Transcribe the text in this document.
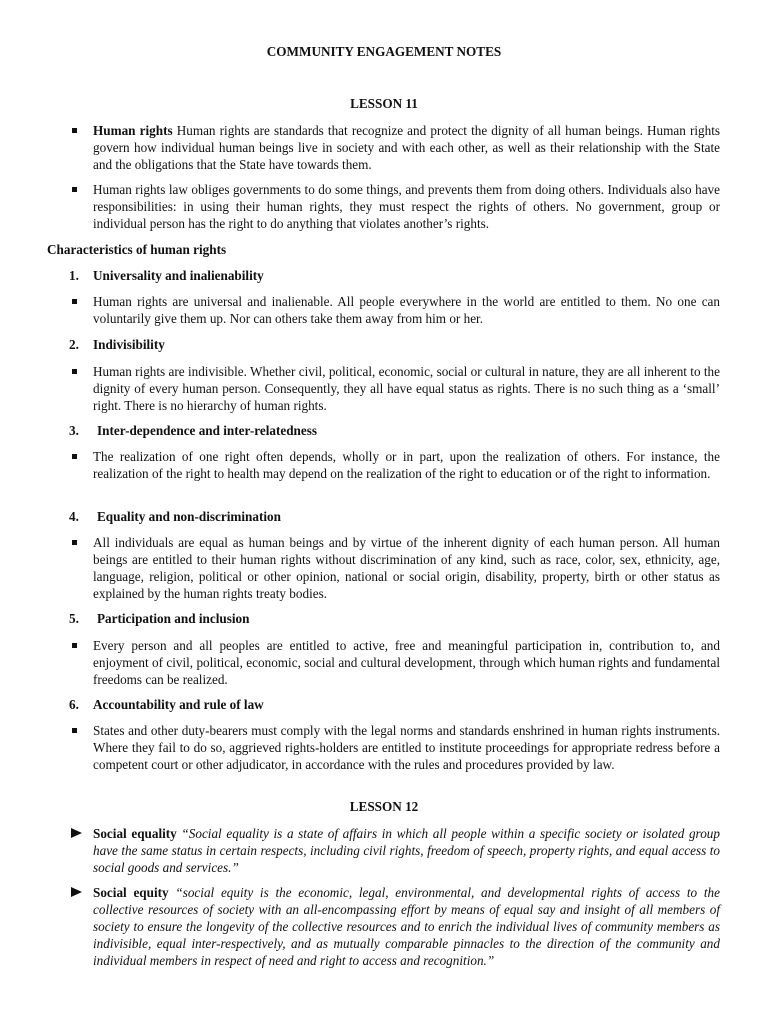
COMMUNITY ENGAGEMENT NOTES
LESSON 11
Human rights Human rights are standards that recognize and protect the dignity of all human beings. Human rights govern how individual human beings live in society and with each other, as well as their relationship with the State and the obligations that the State have towards them.
Human rights law obliges governments to do some things, and prevents them from doing others. Individuals also have responsibilities: in using their human rights, they must respect the rights of others. No government, group or individual person has the right to do anything that violates another’s rights.
Characteristics of human rights
1. Universality and inalienability
Human rights are universal and inalienable. All people everywhere in the world are entitled to them. No one can voluntarily give them up. Nor can others take them away from him or her.
2. Indivisibility
Human rights are indivisible. Whether civil, political, economic, social or cultural in nature, they are all inherent to the dignity of every human person. Consequently, they all have equal status as rights. There is no such thing as a ‘small’ right. There is no hierarchy of human rights.
3. Inter-dependence and inter-relatedness
The realization of one right often depends, wholly or in part, upon the realization of others. For instance, the realization of the right to health may depend on the realization of the right to education or of the right to information.
4. Equality and non-discrimination
All individuals are equal as human beings and by virtue of the inherent dignity of each human person. All human beings are entitled to their human rights without discrimination of any kind, such as race, color, sex, ethnicity, age, language, religion, political or other opinion, national or social origin, disability, property, birth or other status as explained by the human rights treaty bodies.
5. Participation and inclusion
Every person and all peoples are entitled to active, free and meaningful participation in, contribution to, and enjoyment of civil, political, economic, social and cultural development, through which human rights and fundamental freedoms can be realized.
6. Accountability and rule of law
States and other duty-bearers must comply with the legal norms and standards enshrined in human rights instruments. Where they fail to do so, aggrieved rights-holders are entitled to institute proceedings for appropriate redress before a competent court or other adjudicator, in accordance with the rules and procedures provided by law.
LESSON 12
Social equality “Social equality is a state of affairs in which all people within a specific society or isolated group have the same status in certain respects, including civil rights, freedom of speech, property rights, and equal access to social goods and services.”
Social equity “social equity is the economic, legal, environmental, and developmental rights of access to the collective resources of society with an all-encompassing effort by means of equal say and insight of all members of society to ensure the longevity of the collective resources and to enrich the individual lives of community members as indivisible, equal inter-respectively, and as mutually comparable pinnacles to the direction of the community and individual members in respect of need and right to access and recognition.”
